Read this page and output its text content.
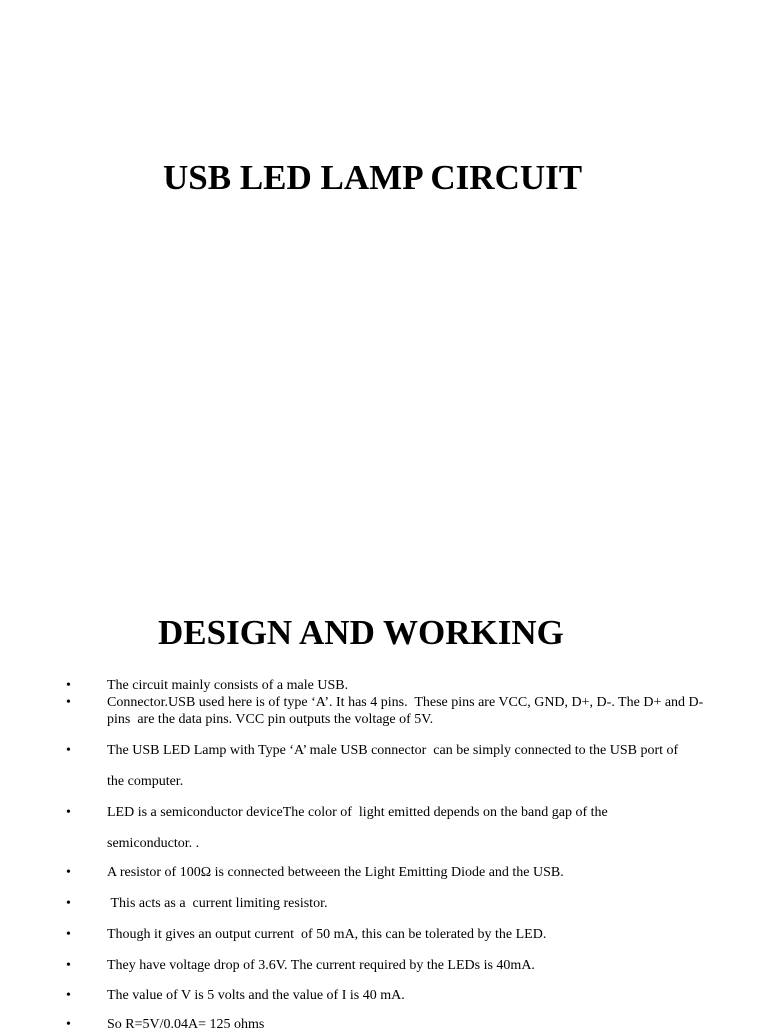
USB LED LAMP CIRCUIT
DESIGN AND WORKING
•	The circuit mainly consists of a male USB.
•	Connector.USB used here is of type ‘A’. It has 4 pins.  These pins are VCC, GND, D+, D-. The D+ and D- pins  are the data pins. VCC pin outputs the voltage of 5V.
•	The USB LED Lamp with Type ‘A’ male USB connector  can be simply connected to the USB port of the computer.
•	LED is a semiconductor deviceThe color of  light emitted depends on the band gap of the semiconductor. .
•	A resistor of 100Ω is connected betweeen the Light Emitting Diode and the USB.
•	This acts as a  current limiting resistor.
•	Though it gives an output current  of 50 mA, this can be tolerated by the LED.
•	They have voltage drop of 3.6V. The current required by the LEDs is 40mA.
•	The value of V is 5 volts and the value of I is 40 mA.
•	So R=5V/0.04A= 125 ohms
